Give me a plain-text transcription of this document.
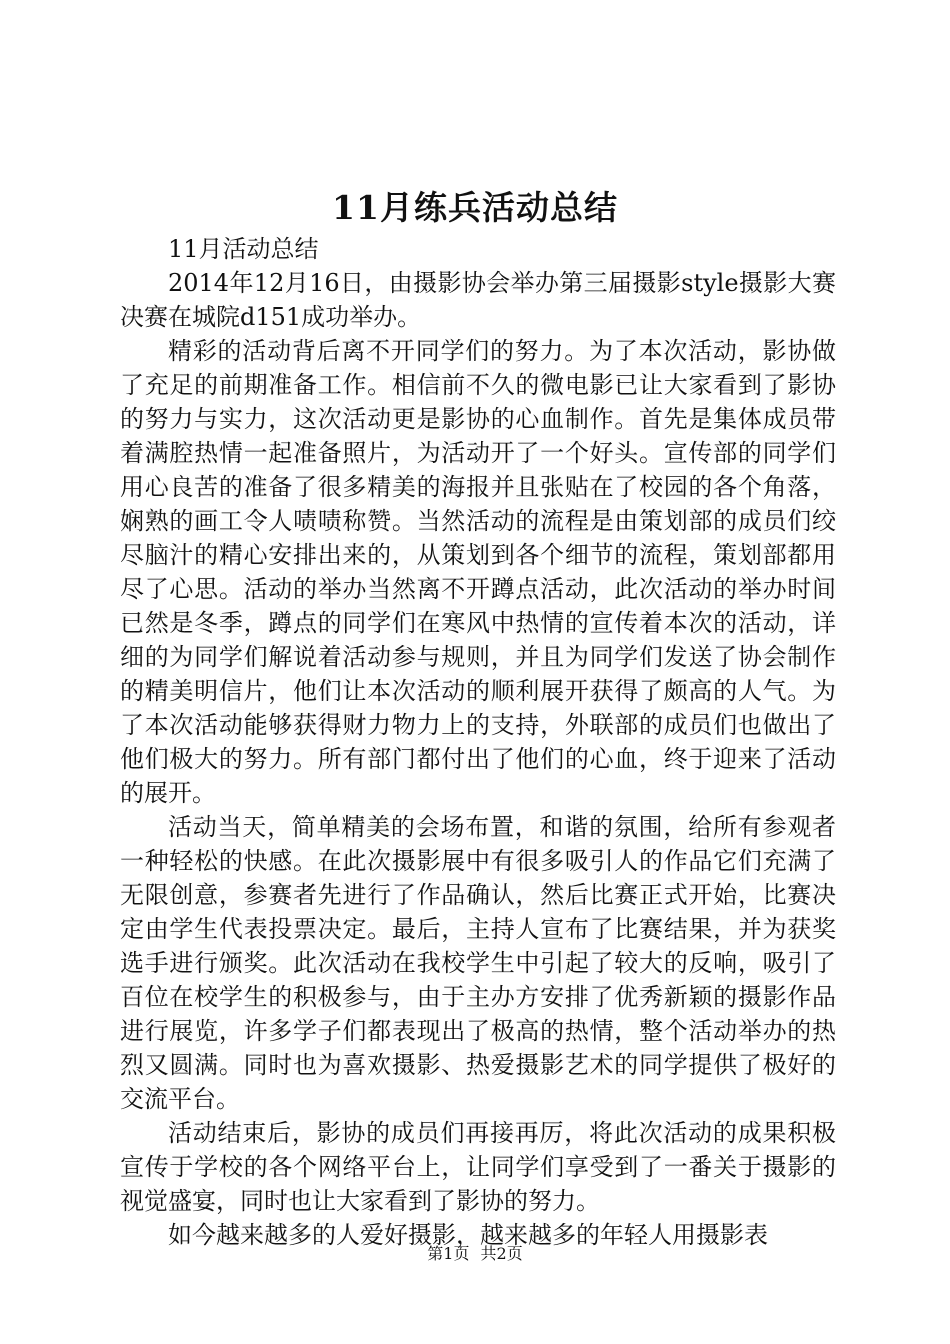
11月练兵活动总结

11月活动总结

2014年12月16日，由摄影协会举办第三届摄影style摄影大赛决赛在城院d151成功举办。

精彩的活动背后离不开同学们的努力。为了本次活动，影协做了充足的前期准备工作。相信前不久的微电影已让大家看到了影协的努力与实力，这次活动更是影协的心血制作。首先是集体成员带着满腔热情一起准备照片，为活动开了一个好头。宣传部的同学们用心良苦的准备了很多精美的海报并且张贴在了校园的各个角落，娴熟的画工令人啧啧称赞。当然活动的流程是由策划部的成员们绞尽脑汁的精心安排出来的，从策划到各个细节的流程，策划部都用尽了心思。活动的举办当然离不开蹲点活动，此次活动的举办时间已然是冬季，蹲点的同学们在寒风中热情的宣传着本次的活动，详细的为同学们解说着活动参与规则，并且为同学们发送了协会制作的精美明信片，他们让本次活动的顺利展开获得了颇高的人气。为了本次活动能够获得财力物力上的支持，外联部的成员们也做出了他们极大的努力。所有部门都付出了他们的心血，终于迎来了活动的展开。

活动当天，简单精美的会场布置，和谐的氛围，给所有参观者一种轻松的快感。在此次摄影展中有很多吸引人的作品它们充满了无限创意，参赛者先进行了作品确认，然后比赛正式开始，比赛决定由学生代表投票决定。最后，主持人宣布了比赛结果，并为获奖选手进行颁奖。此次活动在我校学生中引起了较大的反响，吸引了百位在校学生的积极参与，由于主办方安排了优秀新颖的摄影作品进行展览，许多学子们都表现出了极高的热情，整个活动举办的热烈又圆满。同时也为喜欢摄影、热爱摄影艺术的同学提供了极好的交流平台。

活动结束后，影协的成员们再接再厉，将此次活动的成果积极宣传于学校的各个网络平台上，让同学们享受到了一番关于摄影的视觉盛宴，同时也让大家看到了影协的努力。

如今越来越多的人爱好摄影，越来越多的年轻人用摄影表

第1页 共2页
